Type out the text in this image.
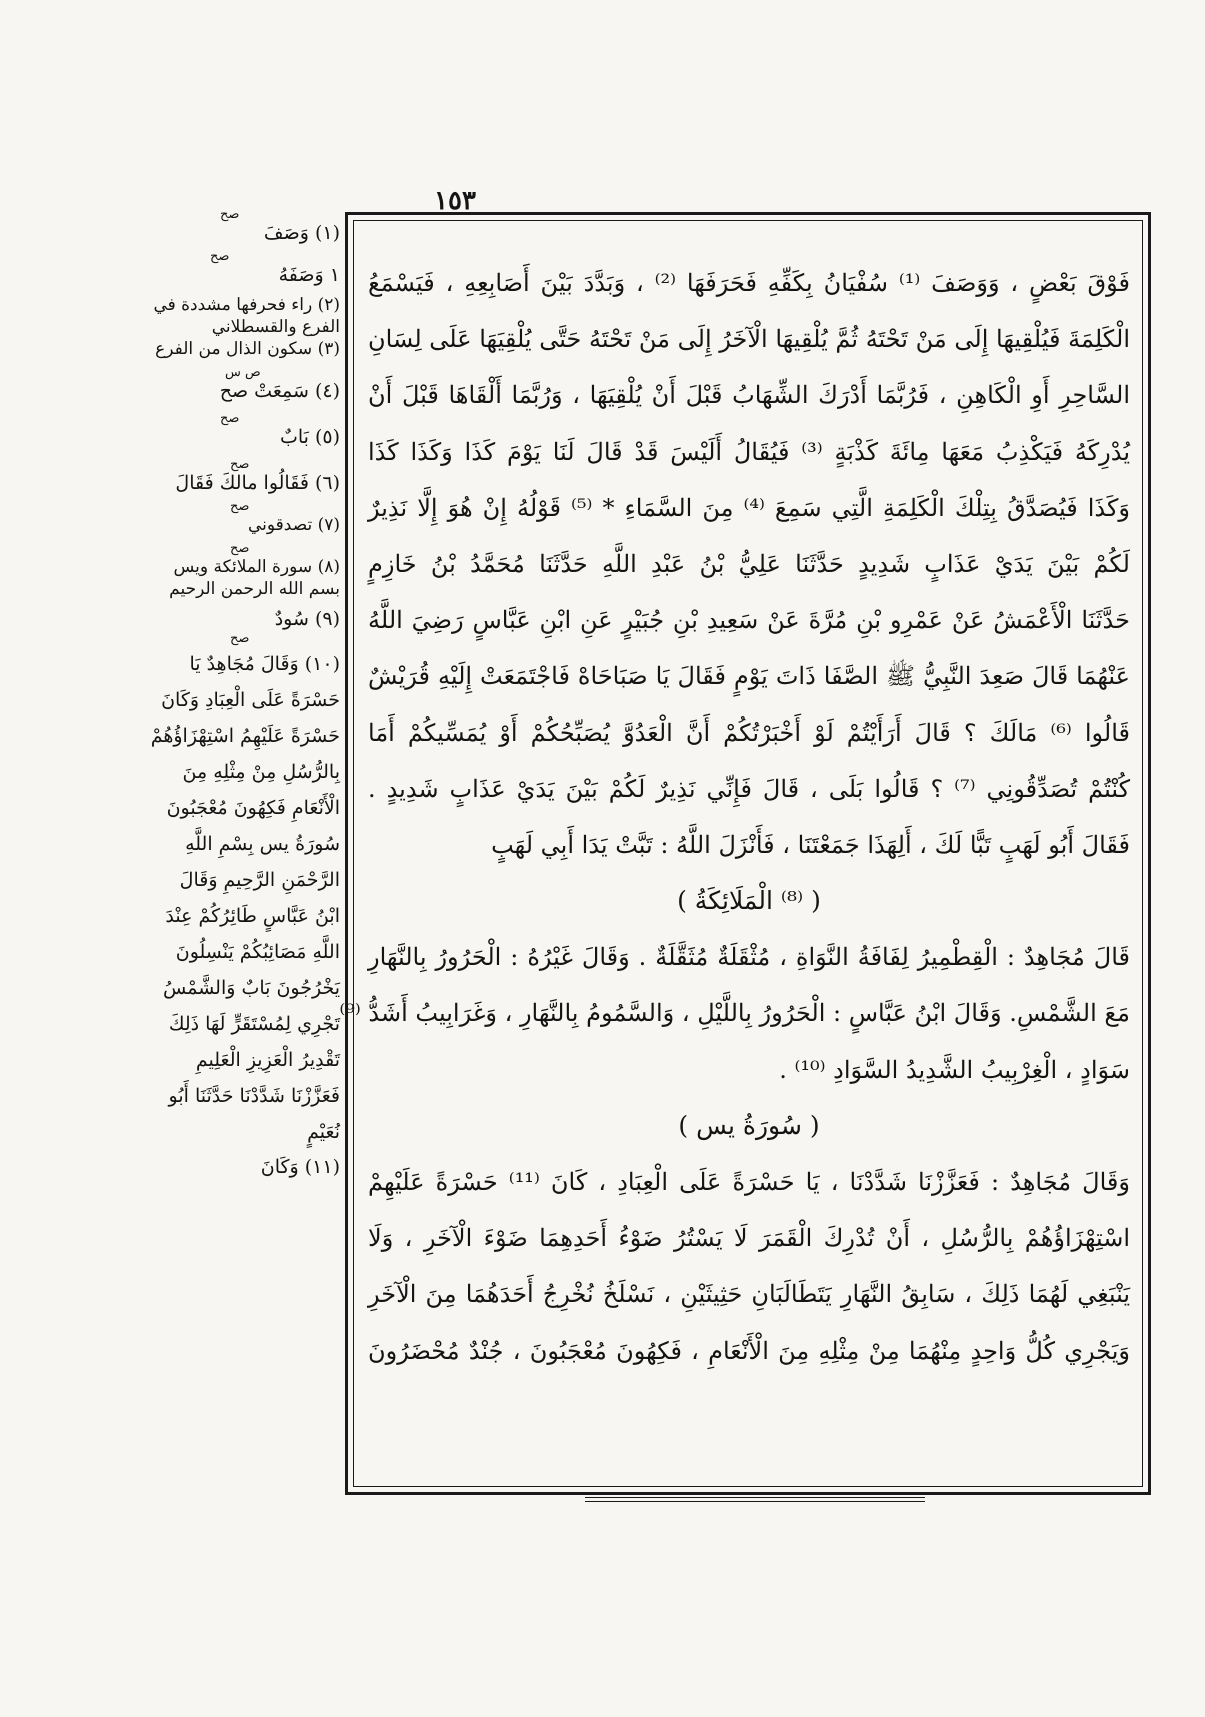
١٥٣
فَوْقَ بَعْضٍ ، وَوَصَفَ ⁽¹⁾ سُفْيَانُ بِكَفِّهِ فَحَرَفَهَا ⁽²⁾ ، وَبَدَّدَ بَيْنَ أَصَابِعِهِ ، فَيَسْمَعُ
الْكَلِمَةَ فَيُلْقِيهَا إِلَى مَنْ تَحْتَهُ ثُمَّ يُلْقِيهَا الْآخَرُ إِلَى مَنْ تَحْتَهُ حَتَّى يُلْقِيَهَا عَلَى لِسَانِ
السَّاحِرِ أَوِ الْكَاهِنِ ، فَرُبَّمَا أَدْرَكَ الشِّهَابُ قَبْلَ أَنْ يُلْقِيَهَا ، وَرُبَّمَا أَلْقَاهَا قَبْلَ أَنْ
يُدْرِكَهُ فَيَكْذِبُ مَعَهَا مِائَةَ كَذْبَةٍ ⁽³⁾ فَيُقَالُ أَلَيْسَ قَدْ قَالَ لَنَا يَوْمَ كَذَا وَكَذَا كَذَا
وَكَذَا فَيُصَدَّقُ بِتِلْكَ الْكَلِمَةِ الَّتِي سَمِعَ ⁽⁴⁾ مِنَ السَّمَاءِ * ⁽⁵⁾ قَوْلُهُ إِنْ هُوَ إِلَّا نَذِيرٌ
لَكُمْ بَيْنَ يَدَيْ عَذَابٍ شَدِيدٍ حَدَّثَنَا عَلِيُّ بْنُ عَبْدِ اللَّهِ حَدَّثَنَا مُحَمَّدُ بْنُ خَازِمٍ
حَدَّثَنَا الْأَعْمَشُ عَنْ عَمْرِو بْنِ مُرَّةَ عَنْ سَعِيدِ بْنِ جُبَيْرٍ عَنِ ابْنِ عَبَّاسٍ رَضِيَ اللَّهُ
عَنْهُمَا قَالَ صَعِدَ النَّبِيُّ ﷺ الصَّفَا ذَاتَ يَوْمٍ فَقَالَ يَا صَبَاحَاهْ فَاجْتَمَعَتْ إِلَيْهِ قُرَيْشٌ
قَالُوا ⁽⁶⁾ مَالَكَ ؟ قَالَ أَرَأَيْتُمْ لَوْ أَخْبَرْتُكُمْ أَنَّ الْعَدُوَّ يُصَبِّحُكُمْ أَوْ يُمَسِّيكُمْ أَمَا
كُنْتُمْ تُصَدِّقُونِي ⁽⁷⁾ ؟ قَالُوا بَلَى ، قَالَ فَإِنِّي نَذِيرٌ لَكُمْ بَيْنَ يَدَيْ عَذَابٍ شَدِيدٍ .
فَقَالَ أَبُو لَهَبٍ تَبًّا لَكَ ، أَلِهَذَا جَمَعْتَنَا ، فَأَنْزَلَ اللَّهُ : تَبَّتْ يَدَا أَبِي لَهَبٍ
( ⁽⁸⁾ الْمَلَائِكَةُ )
قَالَ مُجَاهِدٌ : الْقِطْمِيرُ لِفَافَةُ النَّوَاةِ ، مُثْقَلَةٌ مُثَقَّلَةٌ . وَقَالَ غَيْرُهُ : الْحَرُورُ بِالنَّهَارِ
مَعَ الشَّمْسِ. وَقَالَ ابْنُ عَبَّاسٍ : الْحَرُورُ بِاللَّيْلِ ، وَالسَّمُومُ بِالنَّهَارِ ، وَغَرَابِيبُ أَشَدُّ ⁽⁹⁾
سَوَادٍ ، الْغِرْبِيبُ الشَّدِيدُ السَّوَادِ ⁽¹⁰⁾ .
( سُورَةُ يس )
وَقَالَ مُجَاهِدٌ : فَعَزَّزْنَا شَدَّدْنَا ، يَا حَسْرَةً عَلَى الْعِبَادِ ، كَانَ ⁽¹¹⁾ حَسْرَةً عَلَيْهِمْ
اسْتِهْزَاؤُهُمْ بِالرُّسُلِ ، أَنْ تُدْرِكَ الْقَمَرَ لَا يَسْتُرُ ضَوْءُ أَحَدِهِمَا ضَوْءَ الْآخَرِ ، وَلَا
يَنْبَغِي لَهُمَا ذَلِكَ ، سَابِقُ النَّهَارِ يَتَطَالَبَانِ حَثِيثَيْنِ ، نَسْلَخُ نُخْرِجُ أَحَدَهُمَا مِنَ الْآخَرِ
وَيَجْرِي كُلُّ وَاحِدٍ مِنْهُمَا مِنْ مِثْلِهِ مِنَ الْأَنْعَامِ ، فَكِهُونَ مُعْجَبُونَ ، جُنْدٌ مُحْضَرُونَ

صح

(١) وَصَفَ

صح

١ وَصَفَهُ

(٢) راء فحرفها مشددة في الفرع والقسطلاني

(٣) سكون الذال من الفرع

ص س

(٤) سَمِعَتْ صح

صح

(٥) بَابٌ

صح

(٦) فَقَالُوا مالكَ فَقَالَ

صح

(٧) تصدقوني

صح

(٨) سورة الملائكة ويس بسم الله الرحمن الرحيم

(٩) سُودٌ

صح

(١٠) وَقَالَ مُجَاهِدٌ يَا حَسْرَةً عَلَى الْعِبَادِ وَكَانَ حَسْرَةً عَلَيْهِمُ اسْتِهْزَاؤُهُمْ بِالرُّسُلِ مِنْ مِثْلِهِ مِنَ الْأَنْعَامِ فَكِهُونَ مُعْجَبُونَ سُورَةُ يس بِسْمِ اللَّهِ الرَّحْمَنِ الرَّحِيمِ وَقَالَ ابْنُ عَبَّاسٍ طَائِرُكُمْ عِنْدَ اللَّهِ مَصَائِبُكُمْ يَنْسِلُونَ يَخْرُجُونَ بَابٌ وَالشَّمْسُ تَجْرِي لِمُسْتَقَرٍّ لَهَا ذَلِكَ تَقْدِيرُ الْعَزِيزِ الْعَلِيمِ فَعَزَّزْنَا شَدَّدْنَا حَدَّثَنَا أَبُو نُعَيْمٍ

(١١) وَكَانَ
